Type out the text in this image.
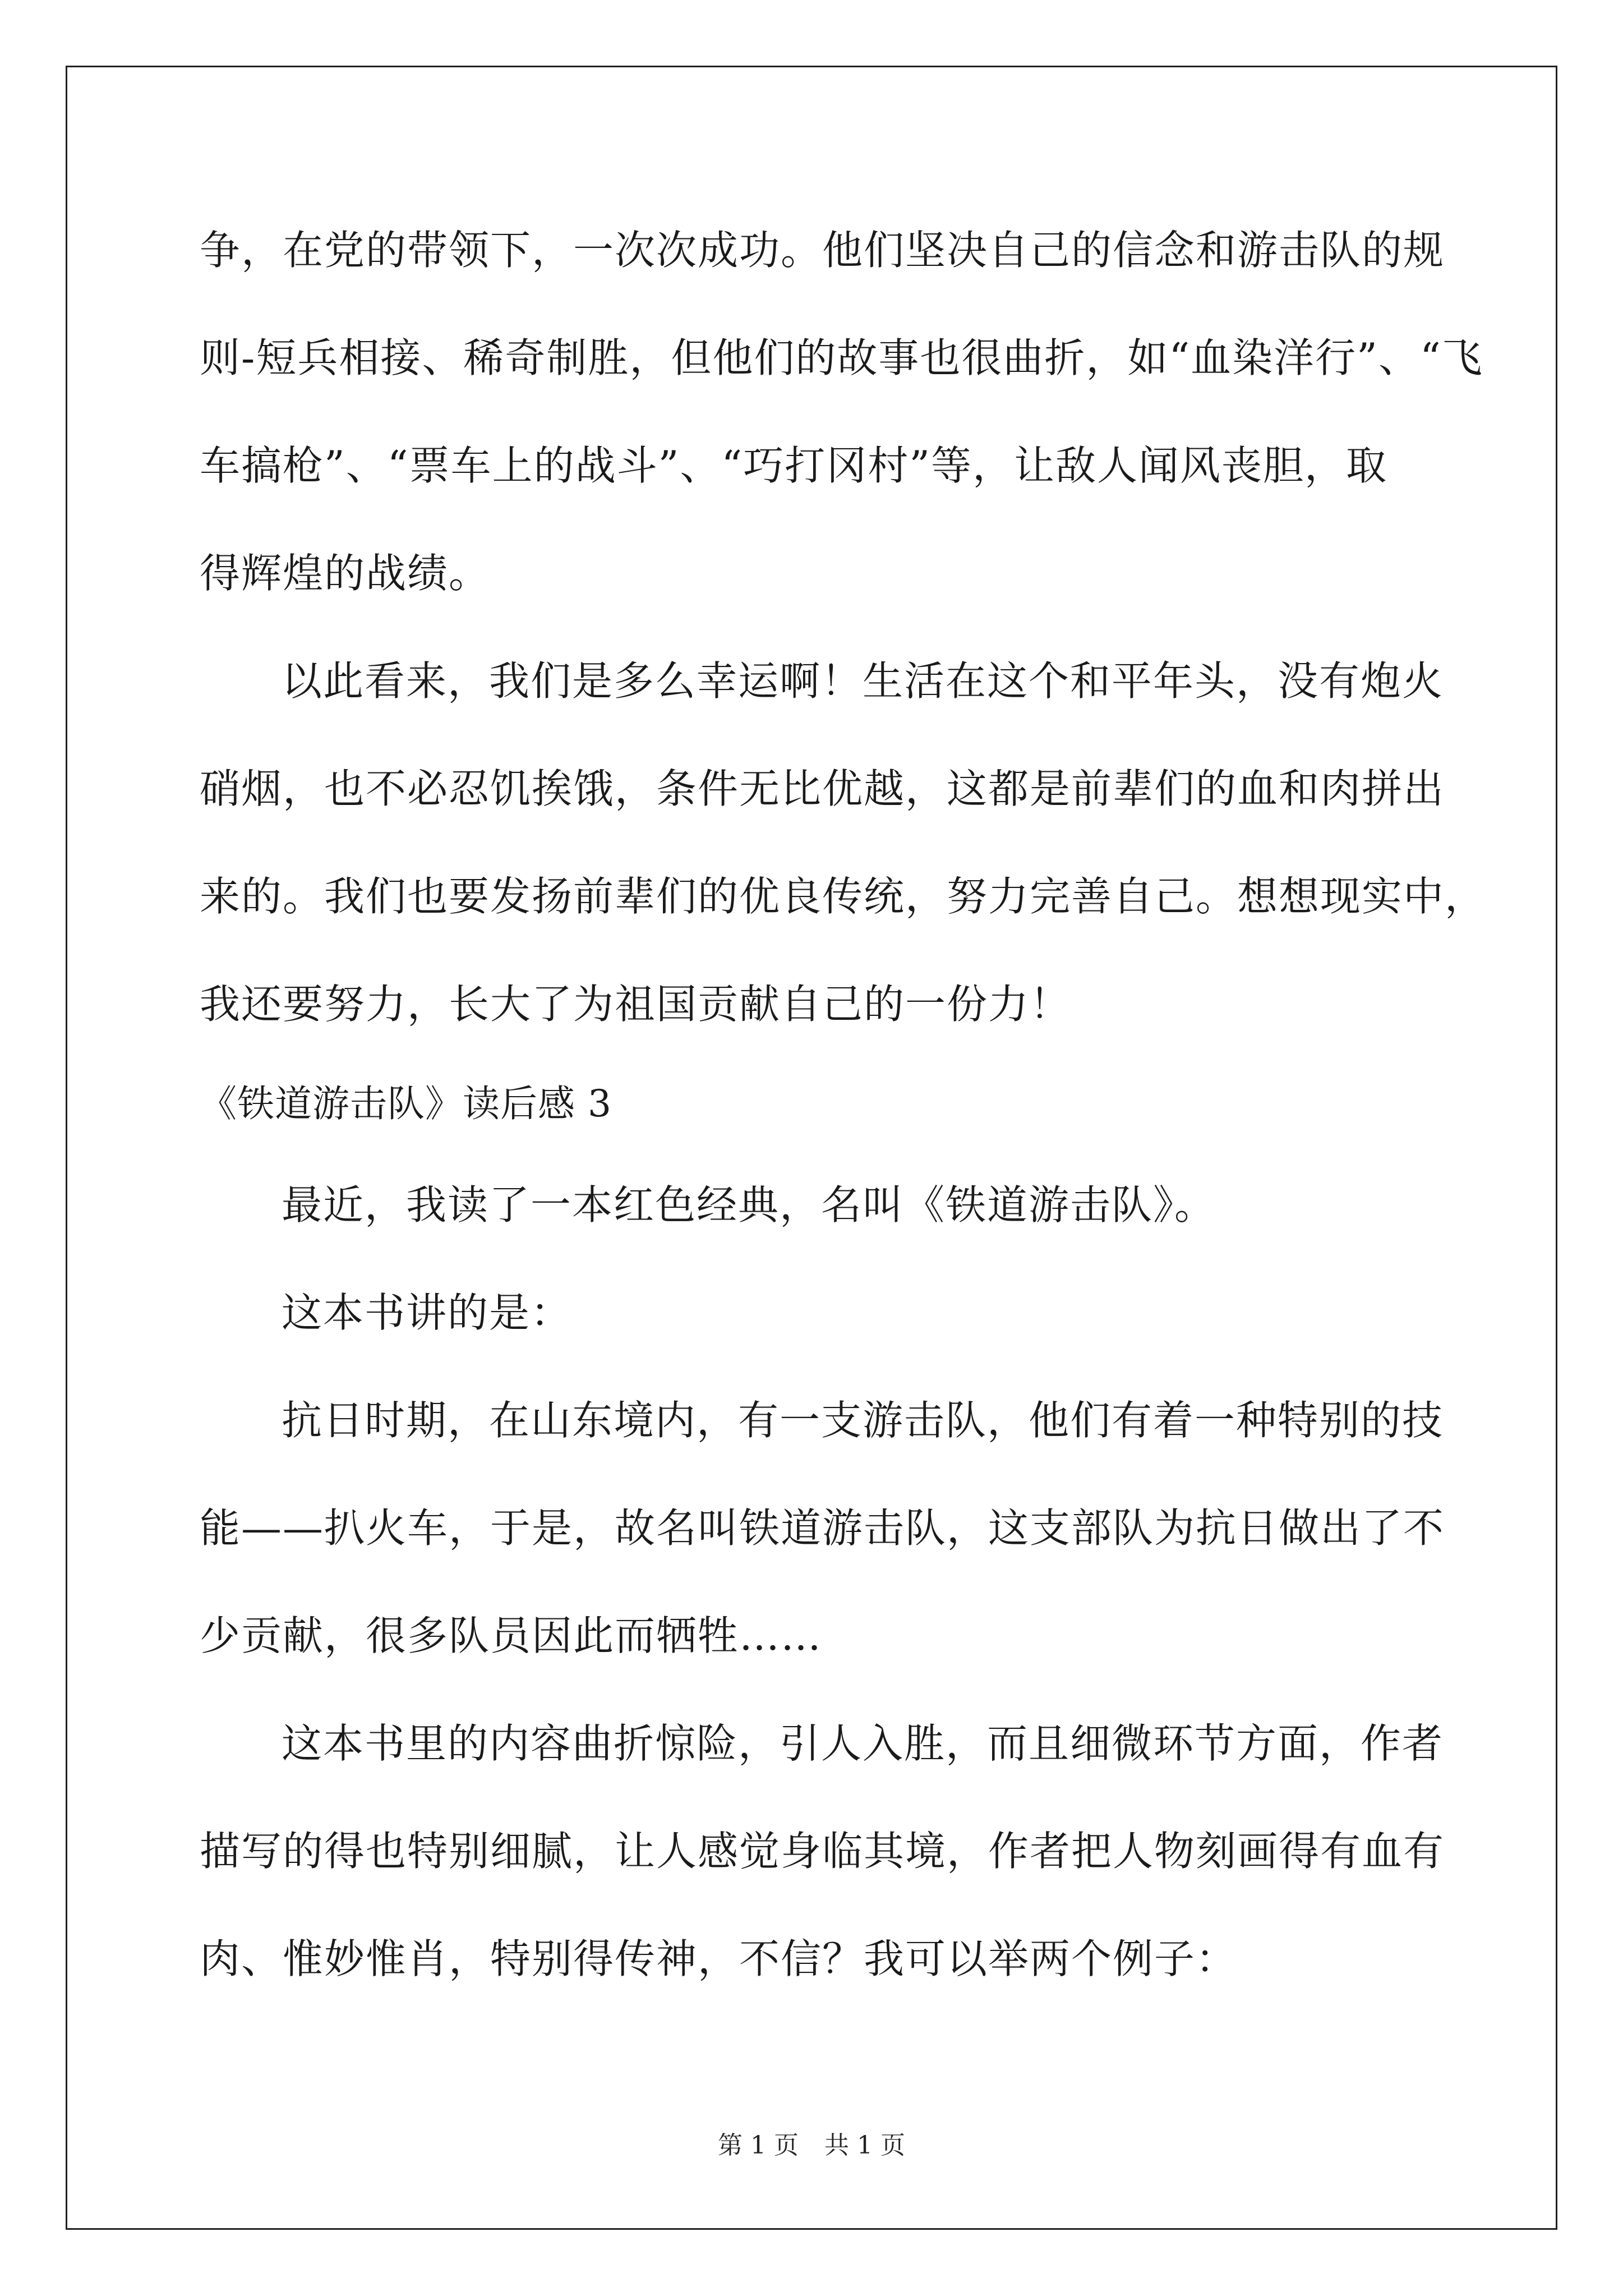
争，在党的带领下，一次次成功。他们坚决自己的信念和游击队的规
则-短兵相接、稀奇制胜，但他们的故事也很曲折，如“血染洋行”、“飞
车搞枪”、“票车上的战斗”、“巧打冈村”等，让敌人闻风丧胆，取
得辉煌的战绩。
以此看来，我们是多么幸运啊！生活在这个和平年头，没有炮火
硝烟，也不必忍饥挨饿，条件无比优越，这都是前辈们的血和肉拼出
来的。我们也要发扬前辈们的优良传统，努力完善自己。想想现实中，
我还要努力，长大了为祖国贡献自己的一份力！
《铁道游击队》读后感 3
最近，我读了一本红色经典，名叫《铁道游击队》。
这本书讲的是：
抗日时期，在山东境内，有一支游击队，他们有着一种特别的技
能——扒火车，于是，故名叫铁道游击队，这支部队为抗日做出了不
少贡献，很多队员因此而牺牲……
这本书里的内容曲折惊险，引人入胜，而且细微环节方面，作者
描写的得也特别细腻，让人感觉身临其境，作者把人物刻画得有血有
肉、惟妙惟肖，特别得传神，不信？我可以举两个例子：
第 1 页 共 1 页
